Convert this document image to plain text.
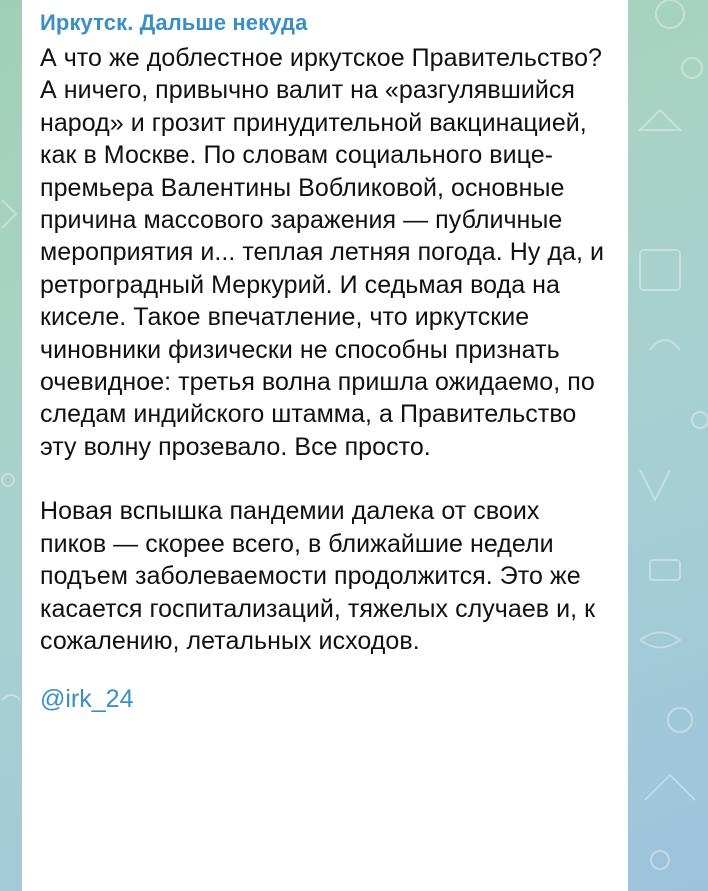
Иркутск. Дальше некуда

А что же доблестное иркутское Правительство? А ничего, привычно валит на «разгулявшийся народ» и грозит принудительной вакцинацией, как в Москве. По словам социального вице-премьера Валентины Вобликовой, основные причина массового заражения — публичные мероприятия и... теплая летняя погода. Ну да, и ретроградный Меркурий. И седьмая вода на киселе. Такое впечатление, что иркутские чиновники физически не способны признать очевидное: третья волна пришла ожидаемо, по следам индийского штамма, а Правительство эту волну прозевало. Все просто.

Новая вспышка пандемии далека от своих пиков — скорее всего, в ближайшие недели подъем заболеваемости продолжится. Это же касается госпитализаций, тяжелых случаев и, к сожалению, летальных исходов.

@irk_24
